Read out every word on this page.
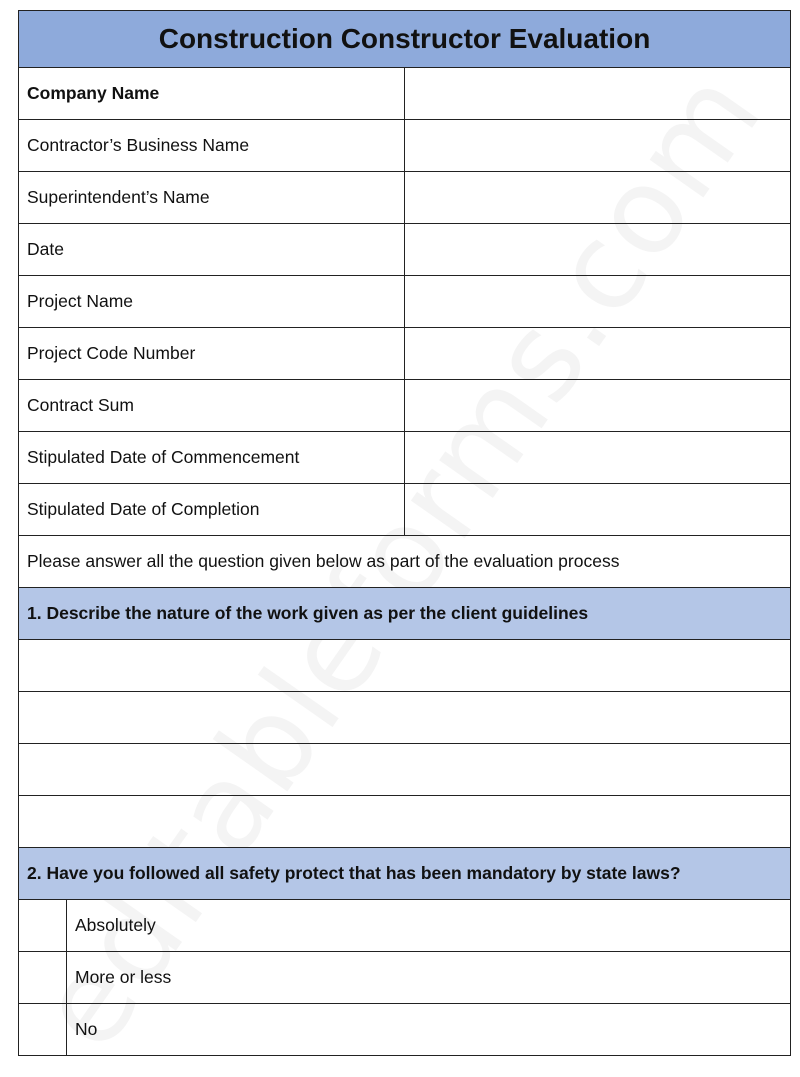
Construction Constructor Evaluation		
Company Name		
Contractor’s Business Name		
Superintendent’s Name		
Date		
Project Name		
Project Code Number		
Contract Sum		
Stipulated Date of Commencement		
Stipulated Date of Completion		
Please answer all the question given below as part of the evaluation process		
1. Describe the nature of the work given as per the client guidelines		

2. Have you followed all safety protect that has been mandatory by state laws?		
	Absolutely	
	More or less	
	No	
